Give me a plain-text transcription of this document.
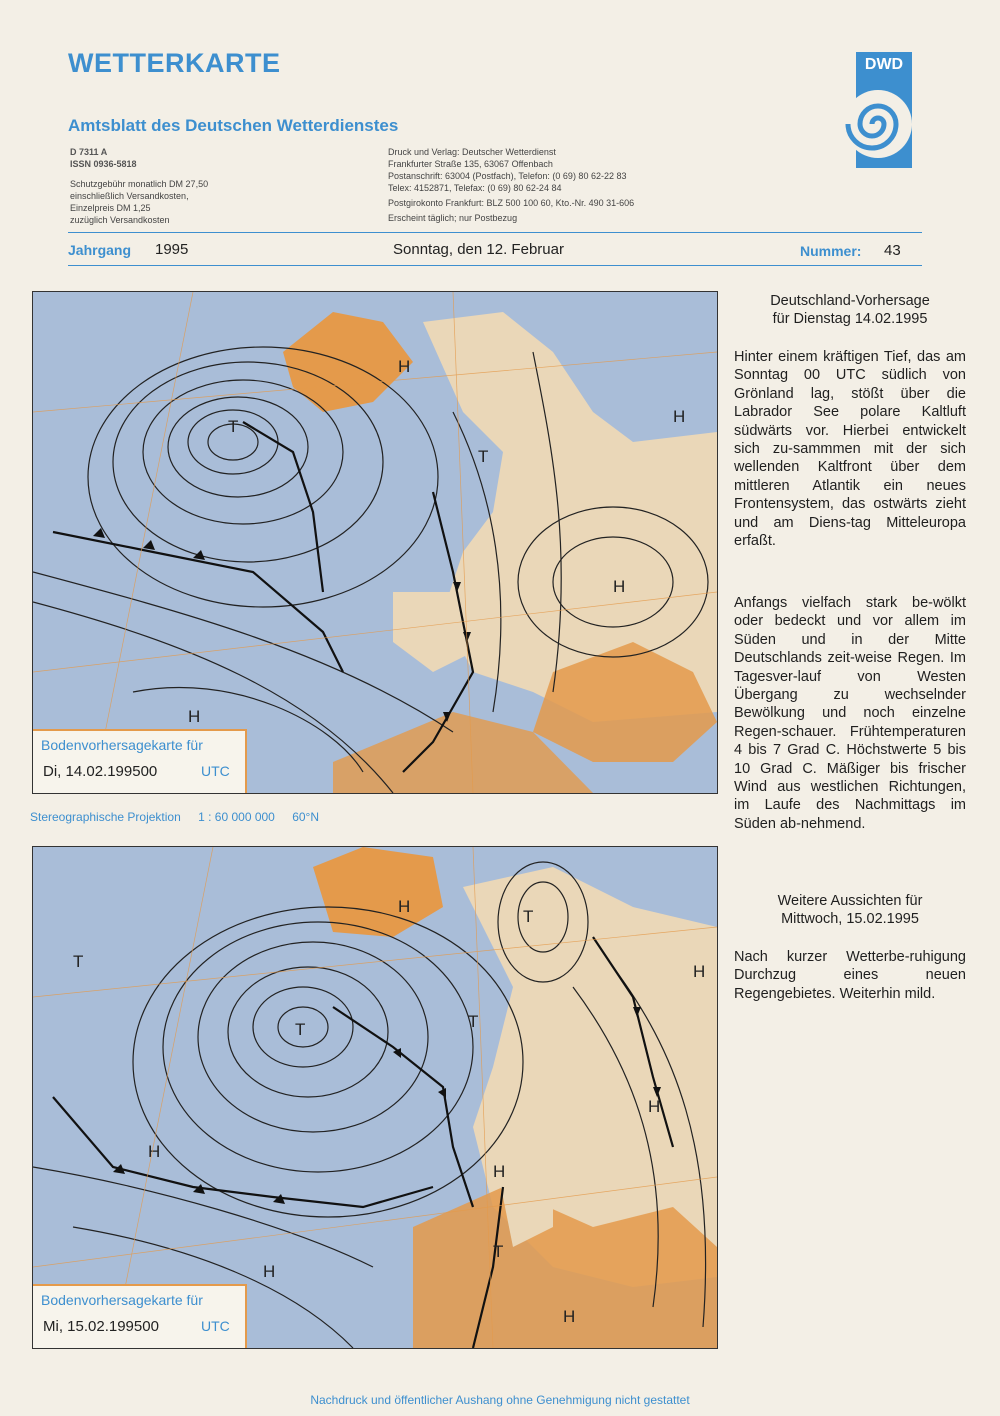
WETTERKARTE
Amtsblatt des Deutschen Wetterdienstes
D 7311 A
ISSN 0936-5818
Schutzgebühr monatlich DM 27,50
einschließlich Versandkosten,
Einzelpreis DM 1,25
zuzüglich Versandkosten
Druck und Verlag: Deutscher Wetterdienst
Frankfurter Straße 135, 63067 Offenbach
Postanschrift: 63004 (Postfach), Telefon: (0 69) 80 62-22 83
Telex: 4152871, Telefax: (0 69) 80 62-24 84
Postgirokonto Frankfurt: BLZ 500 100 60, Kto.-Nr. 490 31-606
Erscheint täglich; nur Postbezug
DWD
Jahrgang 1995	Sonntag, den 12. Februar	Nummer: 43
T
H
T
H
H
H
Bodenvorhersagekarte für
Di, 14.02.199500	UTC
Stereographische Projektion 1 : 60 000 000 60°N
T
T
T
T
H
H
H
H
H
H
T
H
Bodenvorhersagekarte für
Mi, 15.02.199500	UTC
Deutschland-Vorhersage
für Dienstag 14.02.1995
Hinter einem kräftigen Tief, das am Sonntag 00 UTC südlich von Grönland lag, stößt über die Labrador See polare Kaltluft südwärts vor. Hierbei entwickelt sich zu-sammmen mit der sich wellenden Kaltfront über dem mittleren Atlantik ein neues Frontensystem, das ostwärts zieht und am Diens-tag Mitteleuropa erfaßt.
Anfangs vielfach stark be-wölkt oder bedeckt und vor allem im Süden und in der Mitte Deutschlands zeit-weise Regen. Im Tagesver-lauf von Westen Übergang zu wechselnder Bewölkung und noch einzelne Regen-schauer. Frühtemperaturen 4 bis 7 Grad C. Höchstwerte 5 bis 10 Grad C. Mäßiger bis frischer Wind aus westlichen Richtungen, im Laufe des Nachmittags im Süden ab-nehmend.
Weitere Aussichten für
Mittwoch, 15.02.1995
Nach kurzer Wetterbe-ruhigung Durchzug eines neuen Regengebietes. Weiterhin mild.
Nachdruck und öffentlicher Aushang ohne Genehmigung nicht gestattet
